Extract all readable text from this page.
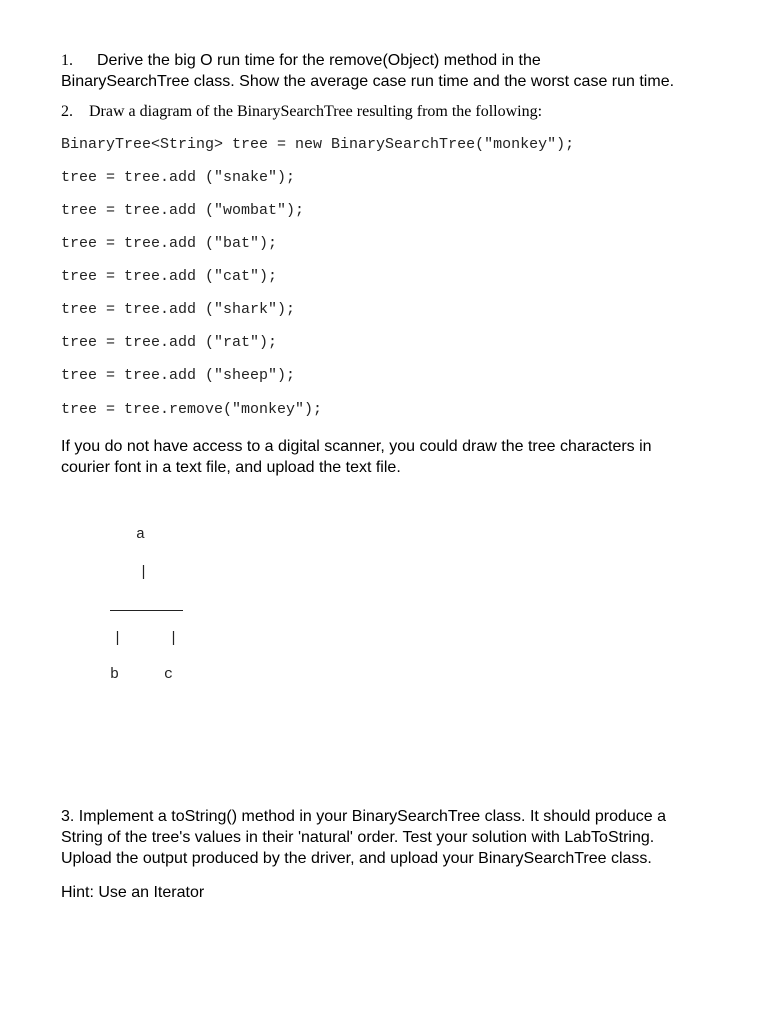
1. Derive the big O run time for the remove(Object) method in the
BinarySearchTree class. Show the average case run time and the worst case run time.
2. Draw a diagram of the BinarySearchTree resulting from the following:
BinaryTree<String> tree = new BinarySearchTree("monkey");
tree = tree.add ("snake");
tree = tree.add ("wombat");
tree = tree.add ("bat");
tree = tree.add ("cat");
tree = tree.add ("shark");
tree = tree.add ("rat");
tree = tree.add ("sheep");
tree = tree.remove("monkey");
If you do not have access to a digital scanner, you could draw the tree characters in
courier font in a text file, and upload the text file.
a
|
|	|
b	c
3. Implement a toString() method in your BinarySearchTree class. It should produce a
String of the tree's values in their 'natural' order. Test your solution with LabToString.
Upload the output produced by the driver, and upload your BinarySearchTree class.
Hint: Use an Iterator
